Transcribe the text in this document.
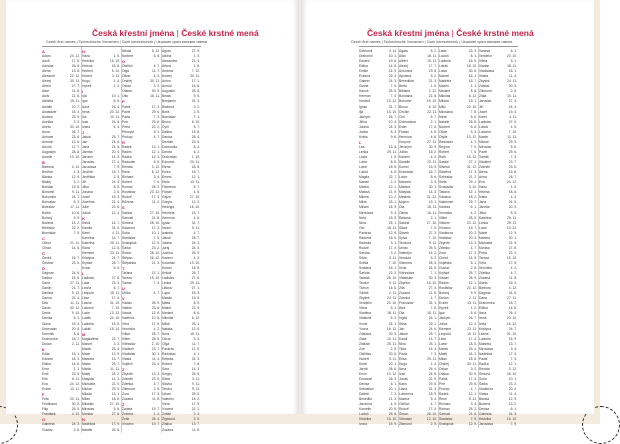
Česká křestní jména | České krstné mená
Czech first names | Tschechische Vornamen | Cseh keresztnevek | Чешские христианские имена
A
Adam	24. 12.
Adolf	17. 6.
Adriana	26. 5.
Alena	13. 8.
Alexandr	22. 12.
Alexej	30. 11.
Alfréd	27. 7.
Alice	11. 8.
Alois	21. 6.
Alžběta	19. 11.
Amálie	10. 7.
Anastázie	15. 4.
Andrea	23. 9.
Anežka	3. 3.
Aneta	30. 10.
Anna	26. 7.
Antonie	23. 8.
Antonín	13. 6.
Arnošt	12. 7.
Augustýn	28. 8.
Aurelie	10. 10.
B
Barbora	4. 12.
Bedřich	1. 3.
Blanka	12. 9.
Blažej	3. 2.
Bohdan	19. 8.
Bohumil	9. 11.
Bohumila	24. 1.
Bohuslav	5. 3.
Boleslav	17. 11.
Bořek	10. 6.
Bořivoj	9. 9.
Božena	13. 2.
Břetislav	22. 2.
Bronislav	7. 5.
C
Ctibor	21. 11.
Ctirad	14. 5.
Č
Čeněk	16. 7.
Čestmír	23. 5.
D
Dagmar	24. 6.
Dalibor	15. 6.
Dana	27. 11.
Daniel	21. 7.
Daniela	9. 12.
Darina	21. 4.
Dita	11. 11.
David	30. 12.
Denis	9. 10.
Denisa	6. 1.
Diana	19. 4.
Dobroslav	20. 8.
Dominik	8. 8.
Drahomíra	18. 7.
Dušan	2. 11.
E
Edita	15. 1.
Eduard	18. 3.
Eliška	14. 6.
Ema	1. 1.
Emil	22. 5.
Erik	6. 11.
Eva	24. 12.
Evžen	13. 11.
F
Felix	20. 11.
Ferdinand	30. 5.
Filip	26. 5.
František	4. 10.
G
Gabriela	24. 3.
Gustav	2. 8.
H
Hana	1. 5.
Hedvika	16. 10.
Helena	18. 8.
Herbert	5. 12.
Hubert	3. 11.
Hugo	1. 4.
Hynek	1. 2.
I
Ida	19. 1.
Igor	6. 6.
Ilona	26. 4.
Irena	20. 10.
Iva	10. 11.
Ivan	24. 6.
Ivana	4. 4.
J
Jakub	25. 7.
Jan	24. 6.
Jana	24. 5.
Jarmila	20. 4.
Jaromír	14. 3.
Jaroslav	27. 4.
Jaroslava	7. 9.
Jindřich	15. 7.
Jindřiška	2. 5.
Jiří	24. 4.
Jitka	8. 5.
Johana	2. 5.
Josef	19. 3.
Jozefína	21. 4.
Julie	22. 6.
Julius	12. 4.
K
Kamil	14. 7.
Kamila	31. 5.
Karel	4. 11.
Karolína	14. 7.
Kateřina	25. 11.
Klára	12. 8.
Klement	23. 11.
Kristýna	24. 7.
Kryštof	25. 7.
Kvido	6. 5.
L
Ladislav	27. 6.
Lada	23. 3.
Leona	6. 7.
Leopold	15. 11.
Libor	17. 4.
Libuše	31. 10.
Lubomír	7. 10.
Lucie	13. 12.
Luděk	24. 10.
Ludmila	16. 9.
Lukáš	18. 10.
M
Magdaléna	22. 7.
Marcel	3. 3.
Marek	25. 4.
Marie	12. 9.
Markéta	13. 7.
Marta	29. 7.
Martin	11. 11.
Matěj	24. 2.
Matylda	14. 3.
Michaela	21. 9.
Michal	29. 9.
Milada	13. 1.
Milan	18. 6.
Miloslav	27. 10.
Miroslav	5. 6.
Monika	27. 8.
N
Naděžda	17. 9.
Natálie	26. 8.
Nikola	6. 12.
Norbert	6. 6.
O
Oldřich	4. 7.
Olga	11. 7.
Oliver	4. 3.
Ondřej	30. 11.
Oskar	3. 2.
Otakar	30. 9.
Otto	18. 11.
P
Patrik	17. 3.
Pavel	29. 6.
Pavla	7. 3.
Petr	29. 6.
Petra	22. 2.
Přemysl	9. 1.
Prokop	4. 7.
R
Radek	12. 1.
Radim	12. 1.
Radka	12. 1.
Radovan	6. 8.
Renata	3. 12.
René	8. 12.
Richard	3. 4.
Robert	7. 6.
Roman	28. 2.
Rostislav	23. 12.
Rudolf	17. 4.
Růžena	11. 2.
S
Sabina	27. 10.
Samuel	21. 8.
Simona	28. 10.
Slavomír	17. 2.
Soňa	10. 1.
Stanislav	7. 5.
Svatopluk	12. 5.
Šárka	23. 2.
Šimon	28. 10.
Štěpán	26. 12.
Štěpánka	21. 3.
T
Taťána	12. 1.
Tereza	15. 10.
Tomáš	7. 3.
U
Ulrika	4. 7.
V
Václav	28. 9.
Valérie	23. 6.
Vanda	12. 6.
Vavřinec	10. 8.
Věra	17. 9.
Veronika	4. 2.
Viktor	28. 7.
Vilém	28. 5.
Vítězslav	2. 10.
Vladimír	23. 7.
Vladislav	30. 1.
Vlasta	11. 4.
Vojtěch	23. 4.
Z
Zbyněk	13. 3.
Zdeněk	23. 6.
Zdeňka	4. 7.
Zikmund	2. 5.
Zora	17. 3.
Zuzana	11. 8.
Ž
Žaneta	19. 7.
Želmíra	1. 4.
Žofie	28. 4.
Vincenc	19. 7.
Ágota	27. 9.
Albína	1. 3.
Alexandra	21. 4.
Alfonz	1. 8.
Ambróz	7. 12.
Andrej	30. 11.
Anton	17. 1.
Arnold	15. 8.
Augustín	28. 8.
Beáta	9. 5.
Benjamín	31. 3.
Blažena	3. 2.
Boris	2. 5.
Branislav	7. 1.
Bruno	6. 10.
Cyril	5. 7.
Dalibor	15. 6.
Danica	26. 4.
Dezider	23. 5.
Dobromila	8. 4.
Dorota	6. 2.
Drahoslav	1. 10.
Edmund	20. 11.
Elena	18. 8.
Elvíra	16. 7.
Ernest	12. 1.
Etela	13. 11.
Filoména	5. 7.
Florián	4. 5.
Gejza	27. 10.
Gregor	12. 3.
Hedviga	16. 10.
Henrieta	15. 7.
Hermína	4. 8.
Ignác	31. 7.
Imrich	5. 11.
Izabela	4. 7.
Jakub	25. 7.
Jolana	24. 3.
Juraj	24. 4.
Justína	26. 9.
Kazimír	4. 3.
Koloman	13. 10.
Kornel	16. 9.
Krištof	25. 7.
Ladislav	27. 6.
Lenka	29. 11.
Liliana	27. 1.
Lujza	15. 3.
Marián	19. 5.
Mária	8. 9.
Matúš	21. 9.
Medard	8. 6.
Mikuláš	6. 12.
Miloš	25. 1.
Nataša	12. 5.
Nora	15. 11.
Olívia	5. 3.
Oľga	11. 7.
Pankrác	12. 5.
Radoslav	4. 1.
Rebeka	31. 3.
Róbert	7. 6.
Sára	14. 3.
Sergej	25. 9.
Silvia	3. 11.
Slávka	9. 11.
Teodor	9. 11.
Urban	25. 5.
Valentín	14. 2.
Viera	17. 9.
Vincent	22. 1.
Zoltán	2. 3.
Žigmund	2. 5.
Zlatica	13. 7.
Zuzana	11. 8.
Česká křestní jména | České krstné mená
Czech first names | Tschechische Vornamen | Cseh keresztnevek | Чешские христианские имена
Dobromil	4. 11.
Drahomír	10. 1.
Edvard	19. 6.
Eliška	14. 6.
Emilie	14. 9.
Evelína	29. 4.
Gabriel	24. 3.
Gizela	7. 5.
Hanuš	28. 5.
Heřman	7. 4.
Hostivít	13. 12.
Ignác	31. 7.
Ilja	13. 10.
Jáchym	26. 7.
Jiřina	10. 4.
Jolana	24. 3.
Judita	5. 3.
Květa	9. 6.
Ľ
Lea	13. 5.
Lenka	29. 11.
Linda	1. 9.
Lubor	8. 6.
Lumír	18. 5.
Luboš	4. 5.
Magda	22. 7.
Marian	2. 2.
Marika	12. 1.
Matouš	21. 9.
Milena	10. 2.
Miloš	25. 1.
Miriam	18. 9.
Miroslava	9. 4.
Nela	15. 5.
Nina	25. 1.
Oto	18. 11.
Pankrác	12. 5.
Radomír	16. 6.
Radmila	3. 1.
Rudolf	17. 4.
Sandra	3. 2.
Silvie	3. 11.
Světla	7. 10.
Svatava	16. 1.
Šarlota	22. 3.
Tadeáš	28. 10.
Teodor	9. 11.
Tichon	16. 6.
Tobiáš	2. 11.
Zbyšek	24. 11.
Vendelín	20. 10.
Vilma	5. 1.
Vladěna	18. 11.
Vlastimil	5. 4.
Xenie	24. 1.
Yvona	16. 12.
Zdislava	30. 5.
Zlata	10. 11.
Zlatuše	25. 11.
Zoe	2. 5.
Oldřiška	30. 6.
Hubert	3. 11.
Kevin	20. 1.
Jarmil	28. 6.
Ervín	10. 12.
Emanuel	26. 3.
Denisa	6. 1.
Sebastián	20. 1.
Dalimil	7. 2.
Benedikt	21. 3.
Jaromíra	4. 9.
Kornelie	20. 5.
Ludvík	25. 8.
Hedvika	16. 10.
Ivona	15. 9.
Agáta	5. 2.
Alan	18. 11.
Albert	15. 11.
Alexej	17. 7.
Antonína	23. 8.
Apolena	9. 2.
Benedikta	21. 3.
Berta	1. 5.
Bibiana	2. 12.
Bohdana	21. 8.
Bohumír	19. 10.
Bruno	6. 10.
Cecílie	22. 11.
Ciril	5. 7.
Dobroslava	2. 1.
Ester	17. 6.
Florian	4. 5.
Hermína	4. 8.
Horymír	27. 11.
Jeroným	30. 9.
Julián	16. 2.
Kazimír	4. 3.
Klaudie	23. 11.
Kornel	16. 9.
Kvetoslav	16. 7.
Lubor	8. 6.
Marcela	3. 3.
Martina	30. 1.
Matylda	14. 3.
Melánie	31. 12.
Mojmír	19. 1.
Ota	18. 11.
Otmar	16. 11.
Radana	2. 1.
Sabina	27. 10.
Sláva	7. 5.
Slávek	27. 3.
Sylva	7. 10.
Teodora	9. 11.
Urban	25. 5.
Valentýn	14. 2.
Vendula	5. 2.
Vilemína	28. 5.
Viola	24. 9.
Vítězslava	7. 1.
Vlastislav	30. 3.
Zbyňka	16. 10.
Zita	27. 4.
Zuzana	11. 8.
Zdenka	4. 7.
Pravoslav	31. 1.
Aleš	7. 8.
Ota	18. 11.
Ingrid	26. 1.
Stela	29. 1.
Jan	24. 6.
Jakub	25. 7.
Kamil	14. 7.
Nina	25. 1.
Tibor	14. 4.
Pavla	7. 3.
Erika	25. 11.
Hugo	1. 4.
Ilona	26. 4.
Ivan	24. 6.
Jonáš	21. 9.
Karin	29. 6.
Liana	31. 3.
Lubomíra	18. 9.
Marina	5. 4.
Oldřich	4. 7.
Rudolf	17. 4.
Šimon	28. 10.
Věroslav	12. 10.
Zikmund	2. 5.
Lada	23. 3.
Lucián	8. 1.
Ludmila	16. 9.
Lukáš	18. 10.
Luisa	30. 6.
Marcel	16. 1.
Markéta	13. 7.
Maxim	1. 1.
Medard	8. 6.
Mikuláš	6. 12.
Milada	13. 1.
Milíč	20. 10.
Miloslava	7. 8.
Mirek	5. 6.
Natálie	26. 8.
Norbert	6. 6.
Olivie	5. 3.
Otýlie	13. 12.
Radoslav	4. 1.
Regína	7. 9.
Robert	7. 6.
Ruth	18. 12.
Saskie	27. 1.
Silvestr	31. 12.
Slavěna	17. 3.
Soběslav	21. 2.
Stela	29. 1.
Svatoslav	3. 10.
Tatiana	12. 1.
Václava	18. 2.
Valdemar	29. 7.
Vanesa	6. 1.
Veronika	4. 2.
Vilém	28. 5.
Viktorie	23. 12.
Vincenc	19. 7.
Vladimíra	20. 2.
Vratislav	20. 3.
Zbyněk	13. 3.
Zdenko	4. 7.
Zora	17. 3.
Ctirad	14. 5.
Vojtěška	5. 1.
Gustav	2. 8.
Kryštof	25. 7.
Václav	28. 9.
Radim	12. 1.
Rostislav	23. 12.
Bořivoj	9. 9.
Dušan	2. 11.
Evžen	13. 11.
Hynek	1. 2.
Igor	6. 6.
Jáchym	26. 7.
Julius	12. 4.
Klement	23. 11.
Leopold	15. 11.
Libor	17. 4.
Lumír	18. 5.
Marek	25. 4.
Matěj	24. 2.
Milan	18. 6.
Ondřej	30. 11.
Oskar	3. 2.
Otakar	30. 9.
Patrik	17. 3.
Petr	29. 6.
Prokop	4. 7.
Radek	12. 1.
René	8. 12.
Richard	3. 4.
Roman	28. 2.
Samuel	21. 8.
Stanislav	7. 5.
Svatopluk	12. 5.
Vanesa	6. 1.
Vendelín	20. 10.
Vilma	5. 1.
Vladan	18. 11.
Vladislava	18. 1.
Vlasta	11. 4.
Zbyšek	24. 11.
Zdislav	30. 5.
Zikmund	2. 5.
Zlata	10. 11.
Jaroslav	27. 4.
Jiří	24. 4.
Josef	19. 3.
Karel	4. 11.
Ladislav	27. 6.
Luboš	4. 5.
Lubomír	7. 10.
Martin	11. 11.
Michal	29. 9.
Miroslav	5. 6.
Pavel	29. 6.
Tomáš	7. 3.
Vladimír	23. 7.
Zdeněk	23. 6.
Alena	13. 8.
Anna	26. 7.
Eva	24. 12.
Hana	1. 5.
Helena	18. 8.
Ivana	4. 4.
Jana	24. 5.
Jarmila	20. 4.
Jitka	8. 5.
Kateřina	25. 11.
Lenka	29. 11.
Lucie	13. 12.
Marie	12. 9.
Martina	30. 1.
Michaela	21. 9.
Monika	27. 8.
Petra	22. 2.
Tereza	15. 10.
Věra	17. 9.
Veronika	4. 2.
Zdeňka	4. 7.
Zuzana	11. 8.
Adéla	16. 3.
Barbora	4. 12.
Dagmar	24. 6.
Dana	27. 11.
Drahomíra	18. 7.
Eliška	14. 6.
Ilona	26. 4.
Irena	20. 10.
Iveta	16. 12.
Kristýna	24. 7.
Libuše	31. 10.
Ludmila	16. 9.
Markéta	13. 7.
Miroslava	9. 4.
Naděžda	17. 9.
Pavla	7. 3.
Radka	12. 1.
Renata	3. 12.
Simona	28. 10.
Soňa	10. 1.
Šárka	23. 2.
Vladimíra	20. 2.
Vlasta	11. 4.
Blanka	12. 9.
Božena	13. 2.
Denisa	6. 1.
Gabriela	24. 3.
Hedvika	16. 10.
Jaroslava	7. 9.
